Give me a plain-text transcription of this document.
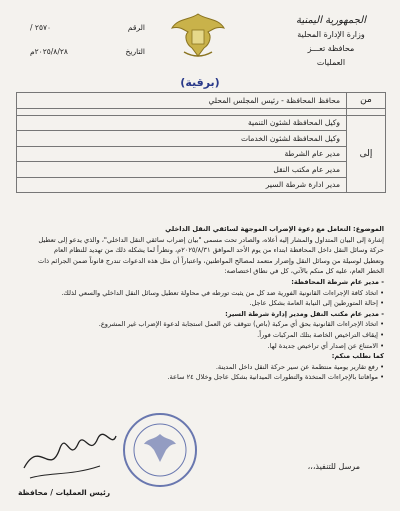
الجمهورية اليمنية
وزارة الإدارة المحلية
محافظة تعـــز
العمليات
الرقم
٢٥٧٠ /
التاريخ
٢٠٢٥/٨/٢٨م
(برقية)
من	محافظ المحافظة - رئيس المجلس المحلي

إلى	وكيل المحافظة لشئون التنمية
	وكيل المحافظة لشئون الخدمات
	مدير عام الشرطة
	مدير عام مكتب النقل
	مدير ادارة شرطة السير

الموضوع: التعامل مع دعوة الإضراب الموجهة لسائقي النقل الداخلي

إشارة إلى البيان المتداول والمشار إليه أعلاه، والصادر تحت مسمى "بيان إضراب سائقي النقل الداخلي"، والذي يدعو إلى تعطيل

حركة وسائل النقل داخل المحافظة ابتداء من يوم الأحد الموافق ٢٠٢٥/٨/٣١م، ونظراً لما يشكله ذلك من تهديد للنظام العام

وتعطيل لوسيلة من وسائل النقل وإضرار متعمد لمصالح المواطنين، واعتباراً أن مثل هذه الدعوات تندرج قانوناً ضمن الجرائم ذات

الخطر العام، عليه كل منكم بالآتي، كل في نطاق اختصاصه:

- مدير عام شرطة المحافظة:

• اتخاذ كافة الإجراءات القانونية الفورية ضد كل من يثبت تورطه في محاولة تعطيل وسائل النقل الداخلي والسعي لذلك.

• إحالة المتورطين إلى النيابة العامة بشكل عاجل.

- مدير عام مكتب النقل ومدير إدارة شرطة السير:

• اتخاذ الإجراءات القانونية بحق أي مركبة (باص) تتوقف عن العمل استجابة لدعوة الإضراب غير المشروع.

• إيقاف التراخيص الخاصة بتلك المركبات فوراً.

• الامتناع عن إصدار أي تراخيص جديدة لها.

كما نطلب منكم:

• رفع تقارير يومية منتظمة عن سير حركة النقل داخل المدينة.

• موافاتنا بالإجراءات المتخذة والتطورات الميدانية بشكل عاجل وخلال ٢٤ ساعة.

مرسل للتنفيذ،،،
رئيس العمليات / محافظة
